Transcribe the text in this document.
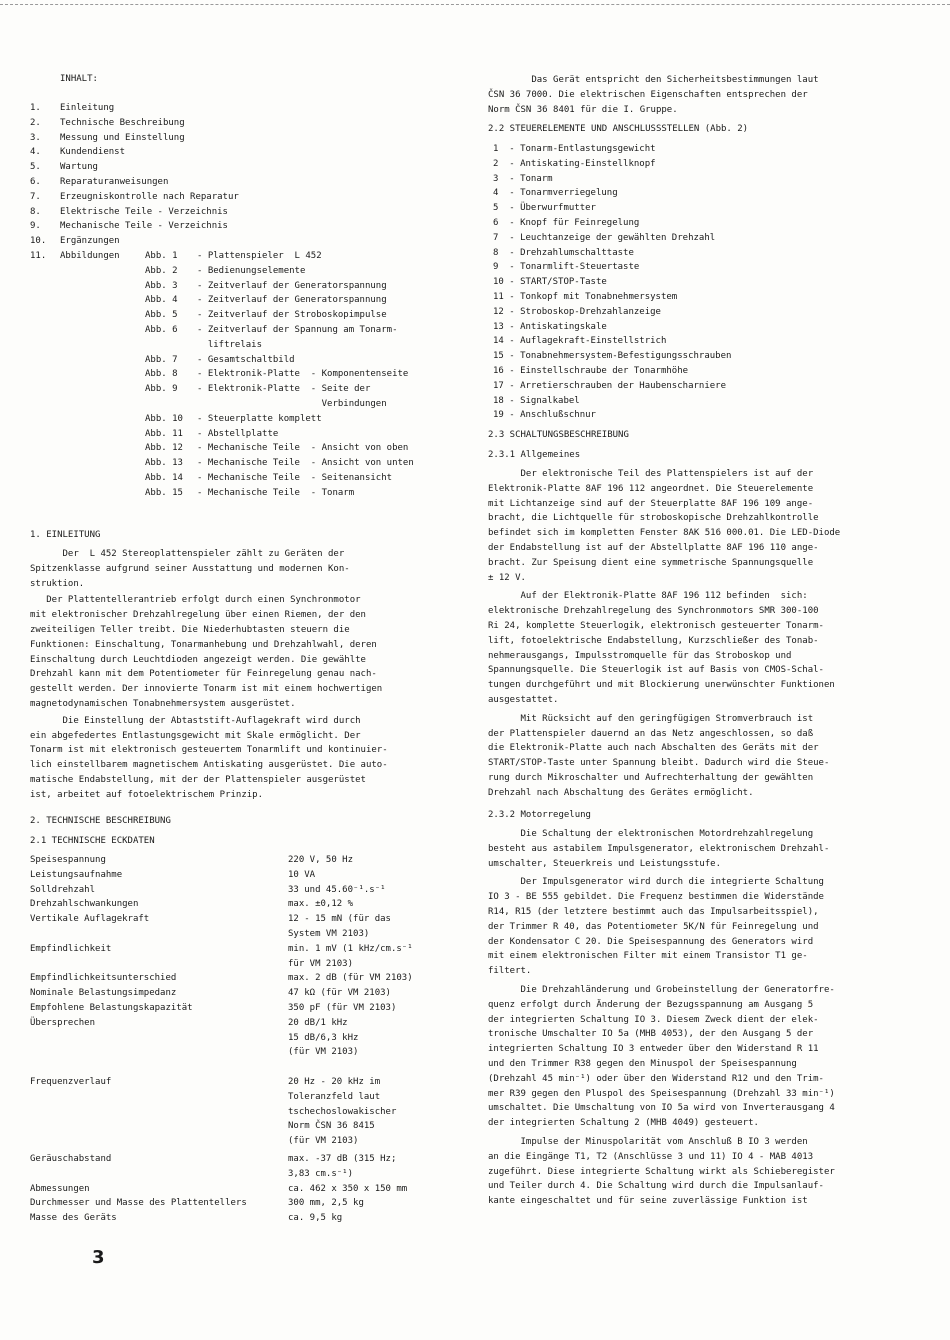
INHALT:
1. Einleitung
2. Technische Beschreibung
3. Messung und Einstellung
4. Kundendienst
5. Wartung
6. Reparaturanweisungen
7. Erzeugniskontrolle nach Reparatur
8. Elektrische Teile - Verzeichnis
9. Mechanische Teile - Verzeichnis
10. Ergänzungen
11. Abbildungen	Abb. 1 - Plattenspieler  L 452
Abb. 2 - Bedienungselemente
Abb. 3 - Zeitverlauf der Generatorspannung
Abb. 4 - Zeitverlauf der Generatorspannung
Abb. 5 - Zeitverlauf der Stroboskopimpulse
Abb. 6 - Zeitverlauf der Spannung am Tonarm-
liftrelais
Abb. 7 - Gesamtschaltbild
Abb. 8 - Elektronik-Platte  - Komponentenseite
Abb. 9 - Elektronik-Platte  - Seite der
Verbindungen
Abb. 10 - Steuerplatte komplett
Abb. 11 - Abstellplatte
Abb. 12 - Mechanische Teile  - Ansicht von oben
Abb. 13 - Mechanische Teile  - Ansicht von unten
Abb. 14 - Mechanische Teile  - Seitenansicht
Abb. 15 - Mechanische Teile  - Tonarm
1. EINLEITUNG
Der  L 452 Stereoplattenspieler zählt zu Geräten der
Spitzenklasse aufgrund seiner Ausstattung und modernen Kon-
struktion.
Der Plattentellerantrieb erfolgt durch einen Synchronmotor
mit elektronischer Drehzahlregelung über einen Riemen, der den
zweiteiligen Teller treibt. Die Niederhubtasten steuern die
Funktionen: Einschaltung, Tonarmanhebung und Drehzahlwahl, deren
Einschaltung durch Leuchtdioden angezeigt werden. Die gewählte
Drehzahl kann mit dem Potentiometer für Feinregelung genau nach-
gestellt werden. Der innovierte Tonarm ist mit einem hochwertigen
magnetodynamischen Tonabnehmersystem ausgerüstet.
Die Einstellung der Abtaststift-Auflagekraft wird durch
ein abgefedertes Entlastungsgewicht mit Skale ermöglicht. Der
Tonarm ist mit elektronisch gesteuertem Tonarmlift und kontinuier-
lich einstellbarem magnetischem Antiskating ausgerüstet. Die auto-
matische Endabstellung, mit der der Plattenspieler ausgerüstet
ist, arbeitet auf fotoelektrischem Prinzip.
2. TECHNISCHE BESCHREIBUNG
2.1 TECHNISCHE ECKDATEN
Speisespannung	220 V, 50 Hz
Leistungsaufnahme	10 VA
Solldrehzahl	33 und 45.60⁻¹.s⁻¹
Drehzahlschwankungen	max. ±0,12 %
Vertikale Auflagekraft	12 - 15 mN (für das
System VM 2103)
Empfindlichkeit	min. 1 mV (1 kHz/cm.s⁻¹
für VM 2103)
Empfindlichkeitsunterschied	max. 2 dB (für VM 2103)
Nominale Belastungsimpedanz	47 kΩ (für VM 2103)
Empfohlene Belastungskapazität	350 pF (für VM 2103)
Übersprechen	20 dB/1 kHz
15 dB/6,3 kHz
(für VM 2103)
Frequenzverlauf	20 Hz - 20 kHz im
Toleranzfeld laut
tschechoslowakischer
Norm ČSN 36 8415
(für VM 2103)
Geräuschabstand	max. -37 dB (315 Hz;
3,83 cm.s⁻¹)
Abmessungen	ca. 462 x 350 x 150 mm
Durchmesser und Masse des Plattentellers	300 mm, 2,5 kg
Masse des Geräts	ca. 9,5 kg
Das Gerät entspricht den Sicherheitsbestimmungen laut
ČSN 36 7000. Die elektrischen Eigenschaften entsprechen der
Norm ČSN 36 8401 für die I. Gruppe.
2.2 STEUERELEMENTE UND ANSCHLUSSSTELLEN (Abb. 2)
1  - Tonarm-Entlastungsgewicht
2  - Antiskating-Einstellknopf
3  - Tonarm
4  - Tonarmverriegelung
5  - Überwurfmutter
6  - Knopf für Feinregelung
7  - Leuchtanzeige der gewählten Drehzahl
8  - Drehzahlumschalttaste
9  - Tonarmlift-Steuertaste
10 - START/STOP-Taste
11 - Tonkopf mit Tonabnehmersystem
12 - Stroboskop-Drehzahlanzeige
13 - Antiskatingskale
14 - Auflagekraft-Einstellstrich
15 - Tonabnehmersystem-Befestigungsschrauben
16 - Einstellschraube der Tonarmhöhe
17 - Arretierschrauben der Haubenscharniere
18 - Signalkabel
19 - Anschlußschnur
2.3 SCHALTUNGSBESCHREIBUNG
2.3.1 Allgemeines
Der elektronische Teil des Plattenspielers ist auf der
Elektronik-Platte 8AF 196 112 angeordnet. Die Steuerelemente
mit Lichtanzeige sind auf der Steuerplatte 8AF 196 109 ange-
bracht, die Lichtquelle für stroboskopische Drehzahlkontrolle
befindet sich im kompletten Fenster 8AK 516 000.01. Die LED-Diode
der Endabstellung ist auf der Abstellplatte 8AF 196 110 ange-
bracht. Zur Speisung dient eine symmetrische Spannungsquelle
± 12 V.
Auf der Elektronik-Platte 8AF 196 112 befinden  sich:
elektronische Drehzahlregelung des Synchronmotors SMR 300-100
Ri 24, komplette Steuerlogik, elektronisch gesteuerter Tonarm-
lift, fotoelektrische Endabstellung, Kurzschließer des Tonab-
nehmerausgangs, Impulsstromquelle für das Stroboskop und
Spannungsquelle. Die Steuerlogik ist auf Basis von CMOS-Schal-
tungen durchgeführt und mit Blockierung unerwünschter Funktionen
ausgestattet.
Mit Rücksicht auf den geringfügigen Stromverbrauch ist
der Plattenspieler dauernd an das Netz angeschlossen, so daß
die Elektronik-Platte auch nach Abschalten des Geräts mit der
START/STOP-Taste unter Spannung bleibt. Dadurch wird die Steue-
rung durch Mikroschalter und Aufrechterhaltung der gewählten
Drehzahl nach Abschaltung des Gerätes ermöglicht.
2.3.2 Motorregelung
Die Schaltung der elektronischen Motordrehzahlregelung
besteht aus astabilem Impulsgenerator, elektronischem Drehzahl-
umschalter, Steuerkreis und Leistungsstufe.
Der Impulsgenerator wird durch die integrierte Schaltung
IO 3 - BE 555 gebildet. Die Frequenz bestimmen die Widerstände
R14, R15 (der letztere bestimmt auch das Impulsarbeitsspiel),
der Trimmer R 40, das Potentiometer 5K/N für Feinregelung und
der Kondensator C 20. Die Speisespannung des Generators wird
mit einem elektronischen Filter mit einem Transistor T1 ge-
filtert.
Die Drehzahländerung und Grobeinstellung der Generatorfre-
quenz erfolgt durch Änderung der Bezugsspannung am Ausgang 5
der integrierten Schaltung IO 3. Diesem Zweck dient der elek-
tronische Umschalter IO 5a (MHB 4053), der den Ausgang 5 der
integrierten Schaltung IO 3 entweder über den Widerstand R 11
und den Trimmer R38 gegen den Minuspol der Speisespannung
(Drehzahl 45 min⁻¹) oder über den Widerstand R12 und den Trim-
mer R39 gegen den Pluspol des Speisespannung (Drehzahl 33 min⁻¹)
umschaltet. Die Umschaltung von IO 5a wird von Inverterausgang 4
der integrierten Schaltung 2 (MHB 4049) gesteuert.
Impulse der Minuspolarität vom Anschluß B IO 3 werden
an die Eingänge T1, T2 (Anschlüsse 3 und 11) IO 4 - MAB 4013
zugeführt. Diese integrierte Schaltung wirkt als Schieberegister
und Teiler durch 4. Die Schaltung wird durch die Impulsanlauf-
kante eingeschaltet und für seine zuverlässige Funktion ist
3
